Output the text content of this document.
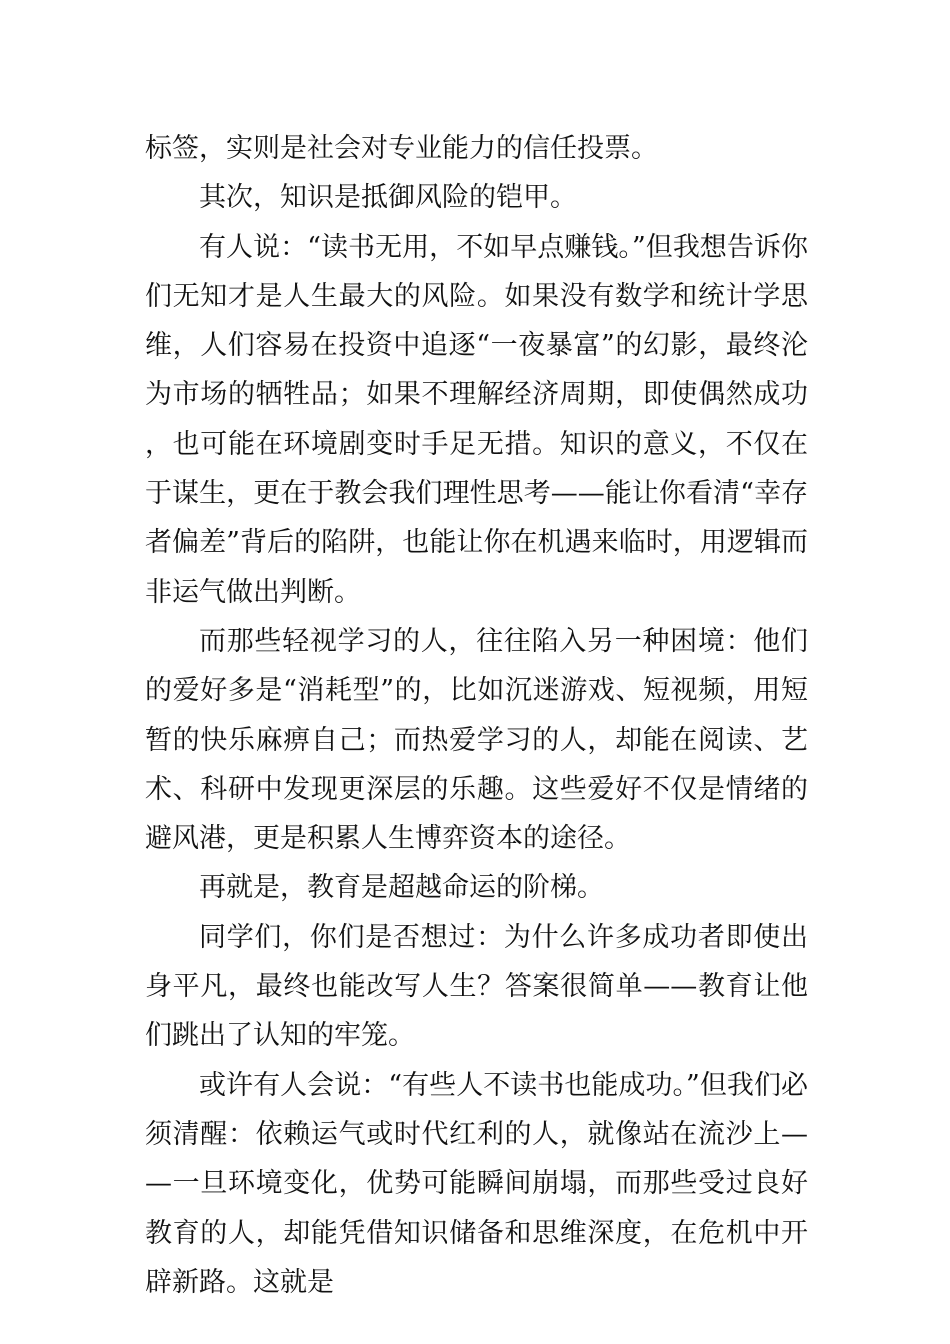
标签，实则是社会对专业能力的信任投票。

其次，知识是抵御风险的铠甲。

有人说：“读书无用，不如早点赚钱。”但我想告诉你们无知才是人生最大的风险。如果没有数学和统计学思维，人们容易在投资中追逐“一夜暴富”的幻影，最终沦为市场的牺牲品；如果不理解经济周期，即使偶然成功，也可能在环境剧变时手足无措。知识的意义，不仅在于谋生，更在于教会我们理性思考——能让你看清“幸存者偏差”背后的陷阱，也能让你在机遇来临时，用逻辑而非运气做出判断。

而那些轻视学习的人，往往陷入另一种困境：他们的爱好多是“消耗型”的，比如沉迷游戏、短视频，用短暂的快乐麻痹自己；而热爱学习的人，却能在阅读、艺术、科研中发现更深层的乐趣。这些爱好不仅是情绪的避风港，更是积累人生博弈资本的途径。

再就是，教育是超越命运的阶梯。

同学们，你们是否想过：为什么许多成功者即使出身平凡，最终也能改写人生？答案很简单——教育让他们跳出了认知的牢笼。

或许有人会说：“有些人不读书也能成功。”但我们必须清醒：依赖运气或时代红利的人，就像站在流沙上——一旦环境变化，优势可能瞬间崩塌，而那些受过良好教育的人，却能凭借知识储备和思维深度，在危机中开辟新路。这就是
